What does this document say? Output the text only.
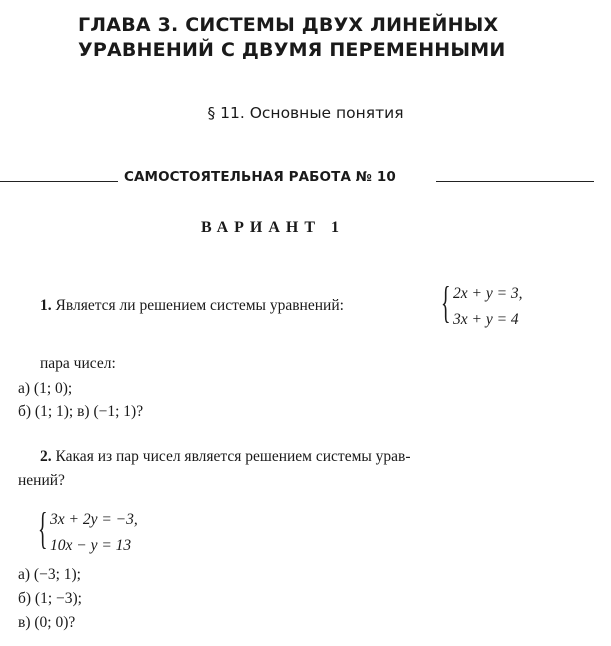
ГЛАВА 3. СИСТЕМЫ ДВУХ ЛИНЕЙНЫХ
УРАВНЕНИЙ С ДВУМЯ ПЕРЕМЕННЫМИ
§ 11. Основные понятия
САМОСТОЯТЕЛЬНАЯ РАБОТА № 10
ВАРИАНТ 1
1. Является ли решением системы уравнений: { 2x + y = 3,
3x + y = 4
пара чисел:
а) (1; 0);
б) (1; 1); в) (−1; 1)?
2. Какая из пар чисел является решением системы урав-
нений?
{ 3x + 2y = −3,
10x − y = 13
а) (−3; 1);
б) (1; −3);
в) (0; 0)?
